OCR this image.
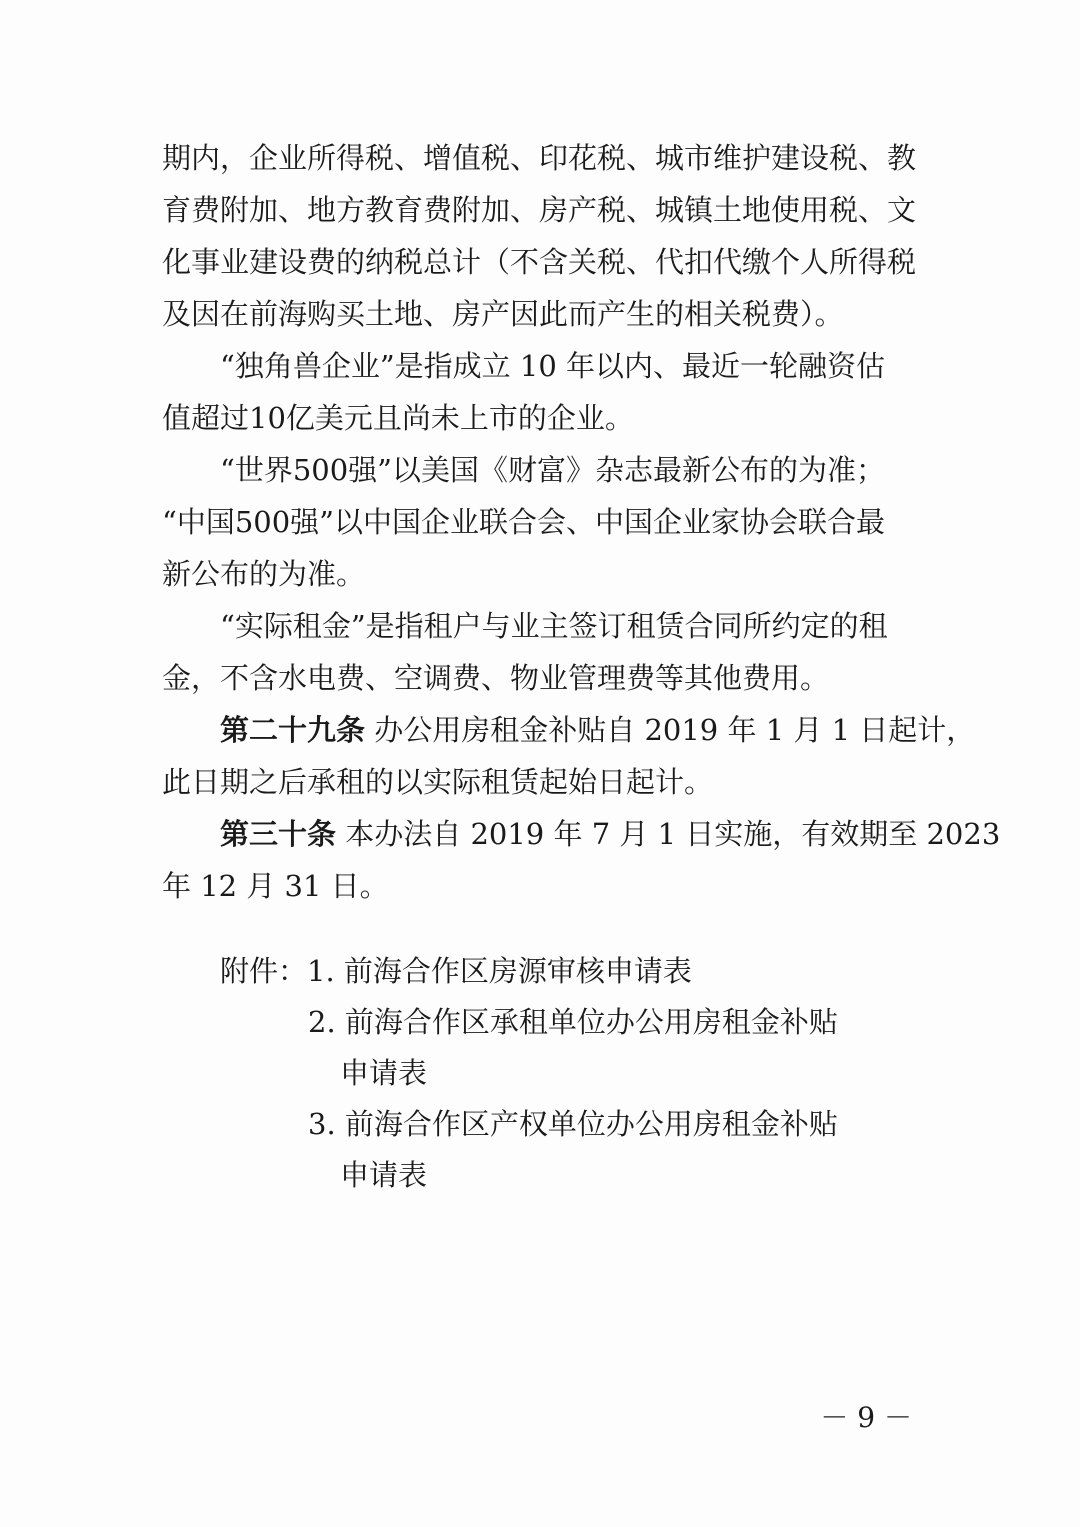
期内，企业所得税、增值税、印花税、城市维护建设税、教
育费附加、地方教育费附加、房产税、城镇土地使用税、文
化事业建设费的纳税总计（不含关税、代扣代缴个人所得税
及因在前海购买土地、房产因此而产生的相关税费）。
“独角兽企业”是指成立 10 年以内、最近一轮融资估
值超过10亿美元且尚未上市的企业。
“世界500强”以美国《财富》杂志最新公布的为准；
“中国500强”以中国企业联合会、中国企业家协会联合最
新公布的为准。
“实际租金”是指租户与业主签订租赁合同所约定的租
金，不含水电费、空调费、物业管理费等其他费用。
第二十九条 办公用房租金补贴自 2019 年 1 月 1 日起计，
此日期之后承租的以实际租赁起始日起计。
第三十条 本办法自 2019 年 7 月 1 日实施，有效期至 2023
年 12 月 31 日。
附件：1. 前海合作区房源审核申请表
2. 前海合作区承租单位办公用房租金补贴
申请表
3. 前海合作区产权单位办公用房租金补贴
申请表
－ 9 －
